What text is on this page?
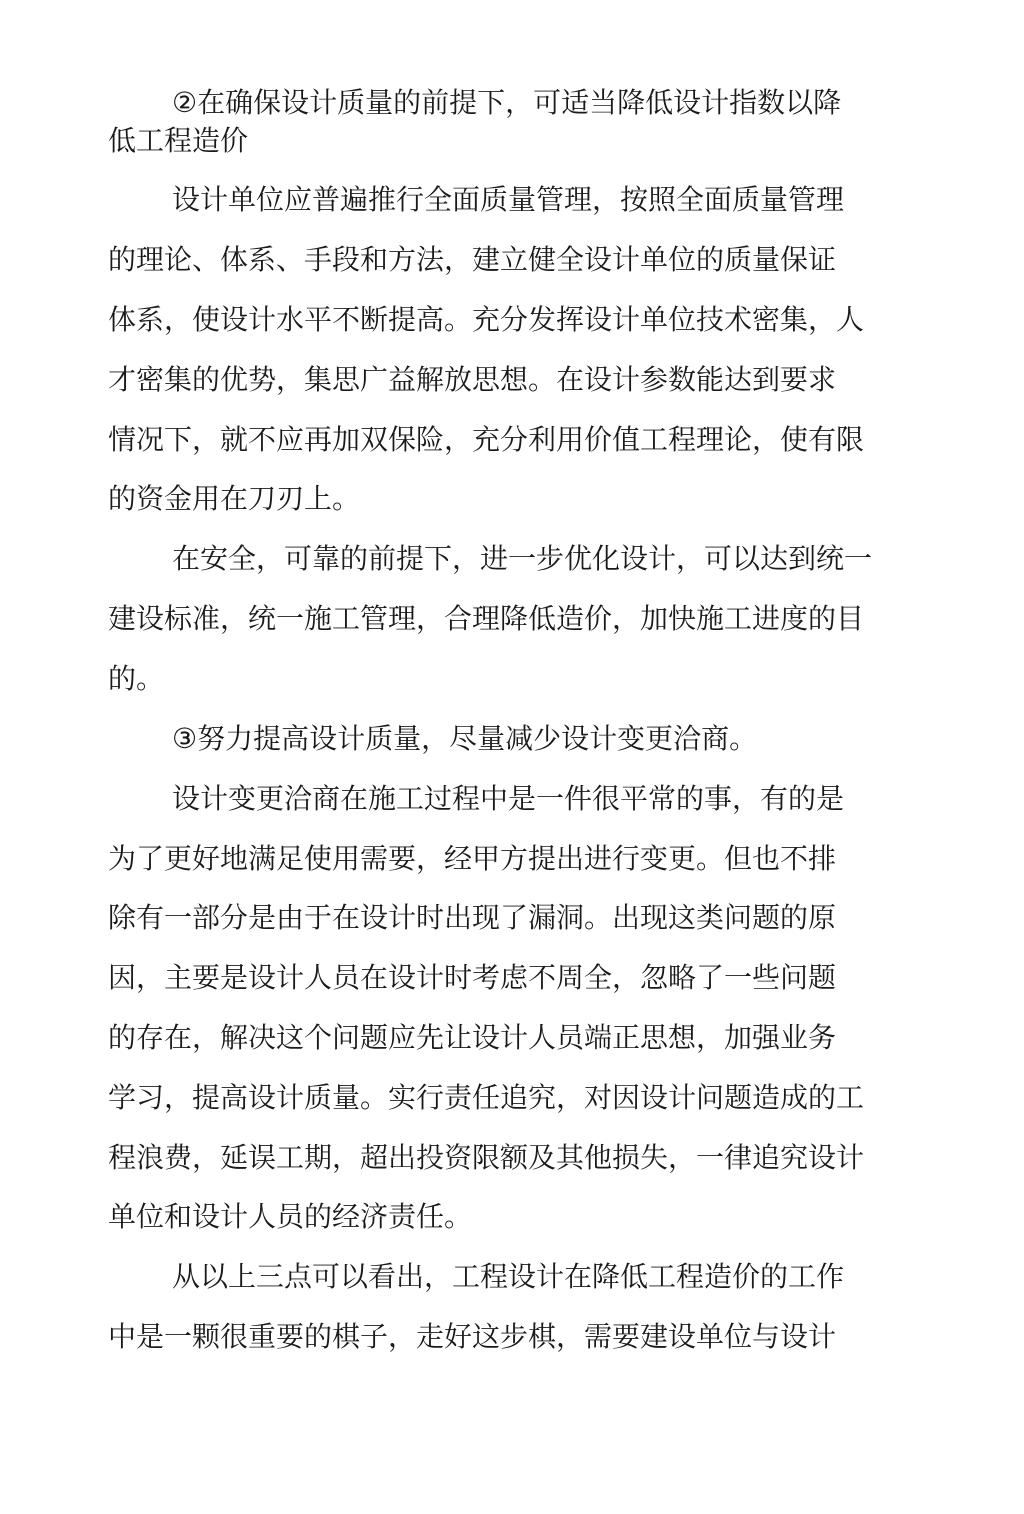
②在确保设计质量的前提下，可适当降低设计指数以降
低工程造价
设计单位应普遍推行全面质量管理，按照全面质量管理
的理论、体系、手段和方法，建立健全设计单位的质量保证
体系，使设计水平不断提高。充分发挥设计单位技术密集，人
才密集的优势，集思广益解放思想。在设计参数能达到要求
情况下，就不应再加双保险，充分利用价值工程理论，使有限
的资金用在刀刃上。
在安全，可靠的前提下，进一步优化设计，可以达到统一
建设标准，统一施工管理，合理降低造价，加快施工进度的目
的。
③努力提高设计质量，尽量减少设计变更洽商。
设计变更洽商在施工过程中是一件很平常的事，有的是
为了更好地满足使用需要，经甲方提出进行变更。但也不排
除有一部分是由于在设计时出现了漏洞。出现这类问题的原
因，主要是设计人员在设计时考虑不周全，忽略了一些问题
的存在，解决这个问题应先让设计人员端正思想，加强业务
学习，提高设计质量。实行责任追究，对因设计问题造成的工
程浪费，延误工期，超出投资限额及其他损失，一律追究设计
单位和设计人员的经济责任。
从以上三点可以看出，工程设计在降低工程造价的工作
中是一颗很重要的棋子，走好这步棋，需要建设单位与设计
